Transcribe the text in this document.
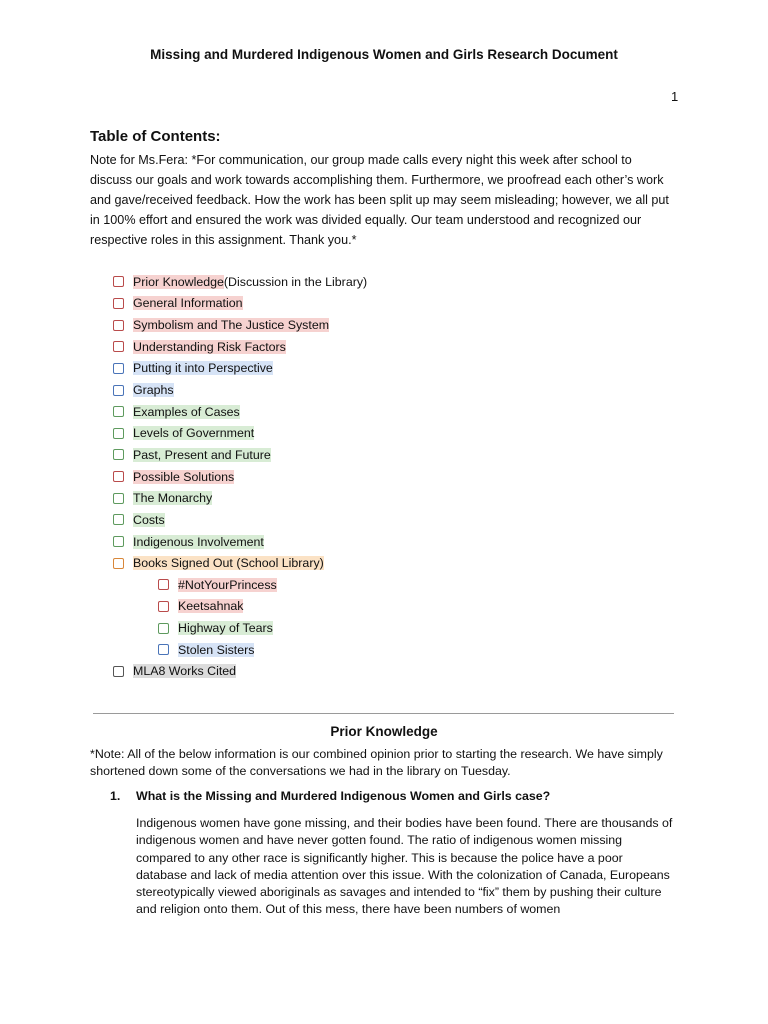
Missing and Murdered Indigenous Women and Girls Research Document
1
Table of Contents:
Note for Ms.Fera: *For communication, our group made calls every night this week after school to discuss our goals and work towards accomplishing them. Furthermore, we proofread each other’s work and gave/received feedback. How the work has been split up may seem misleading; however, we all put in 100% effort and ensured the work was divided equally. Our team understood and recognized our respective roles in this assignment. Thank you.*
Prior Knowledge (Discussion in the Library)
General Information
Symbolism and The Justice System
Understanding Risk Factors
Putting it into Perspective
Graphs
Examples of Cases
Levels of Government
Past, Present and Future
Possible Solutions
The Monarchy
Costs
Indigenous Involvement
Books Signed Out (School Library)
#NotYourPrincess
Keetsahnak
Highway of Tears
Stolen Sisters
MLA8 Works Cited
Prior Knowledge
*Note: All of the below information is our combined opinion prior to starting the research. We have simply shortened down some of the conversations we had in the library on Tuesday.
1. What is the Missing and Murdered Indigenous Women and Girls case?
Indigenous women have gone missing, and their bodies have been found. There are thousands of indigenous women and have never gotten found. The ratio of indigenous women missing compared to any other race is significantly higher. This is because the police have a poor database and lack of media attention over this issue. With the colonization of Canada, Europeans stereotypically viewed aboriginals as savages and intended to “fix” them by pushing their culture and religion onto them. Out of this mess, there have been numbers of women
